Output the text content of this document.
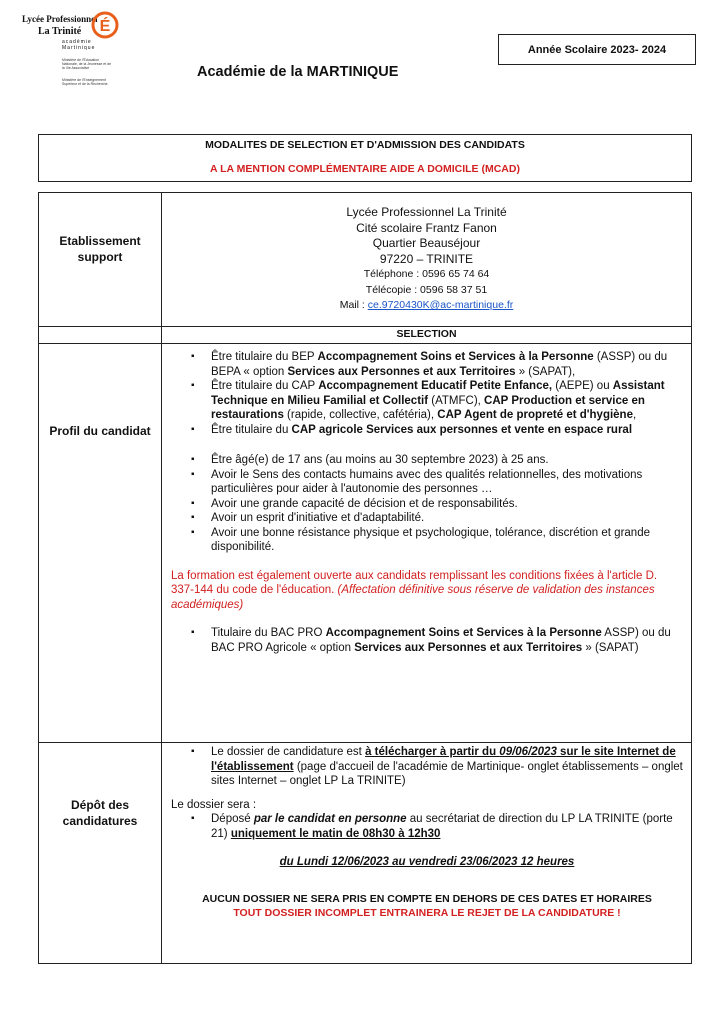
Lycée Professionnel
La Trinité
académie
Martinique
É
Ministère de l'Éducation Nationale, de la Jeunesse et de la Vie Associative
Ministère de l'Enseignement Supérieur et de la Recherche
Année Scolaire 2023- 2024
Académie de la MARTINIQUE
MODALITES DE SELECTION ET D'ADMISSION DES CANDIDATS
A LA MENTION COMPLÉMENTAIRE AIDE A DOMICILE (MCAD)
Etablissement support
Lycée Professionnel La Trinité
Cité scolaire Frantz Fanon
Quartier Beauséjour
97220 – TRINITE
Téléphone : 0596 65 74 64
Télécopie : 0596 58 37 51
Mail : ce.9720430K@ac-martinique.fr
SELECTION
Profil du candidat
▪ Être titulaire du BEP Accompagnement Soins et Services à la Personne (ASSP) ou du BEPA « option Services aux Personnes et aux Territoires » (SAPAT),
▪ Être titulaire du CAP Accompagnement Educatif Petite Enfance, (AEPE) ou Assistant Technique en Milieu Familial et Collectif (ATMFC), CAP Production et service en restaurations (rapide, collective, cafétéria), CAP Agent de propreté et d'hygiène,
▪ Être titulaire du CAP agricole Services aux personnes et vente en espace rural
▪ Être âgé(e) de 17 ans (au moins au 30 septembre 2023) à 25 ans.
▪ Avoir le Sens des contacts humains avec des qualités relationnelles, des motivations particulières pour aider à l'autonomie des personnes …
▪ Avoir une grande capacité de décision et de responsabilités.
▪ Avoir un esprit d'initiative et d'adaptabilité.
▪ Avoir une bonne résistance physique et psychologique, tolérance, discrétion et grande disponibilité.
La formation est également ouverte aux candidats remplissant les conditions fixées à l'article D. 337-144 du code de l'éducation. (Affectation définitive sous réserve de validation des instances académiques)
▪ Titulaire du BAC PRO Accompagnement Soins et Services à la Personne ASSP) ou du BAC PRO Agricole « option Services aux Personnes et aux Territoires » (SAPAT)
Dépôt des candidatures
▪ Le dossier de candidature est à télécharger à partir du 09/06/2023 sur le site Internet de l'établissement (page d'accueil de l'académie de Martinique- onglet établissements – onglet sites Internet – onglet LP La TRINITE)
Le dossier sera :
▪ Déposé par le candidat en personne au secrétariat de direction du LP LA TRINITE (porte 21) uniquement le matin de 08h30 à 12h30
du Lundi 12/06/2023 au vendredi 23/06/2023 12 heures
AUCUN DOSSIER NE SERA PRIS EN COMPTE EN DEHORS DE CES DATES ET HORAIRES
TOUT DOSSIER INCOMPLET ENTRAINERA LE REJET DE LA CANDIDATURE !
